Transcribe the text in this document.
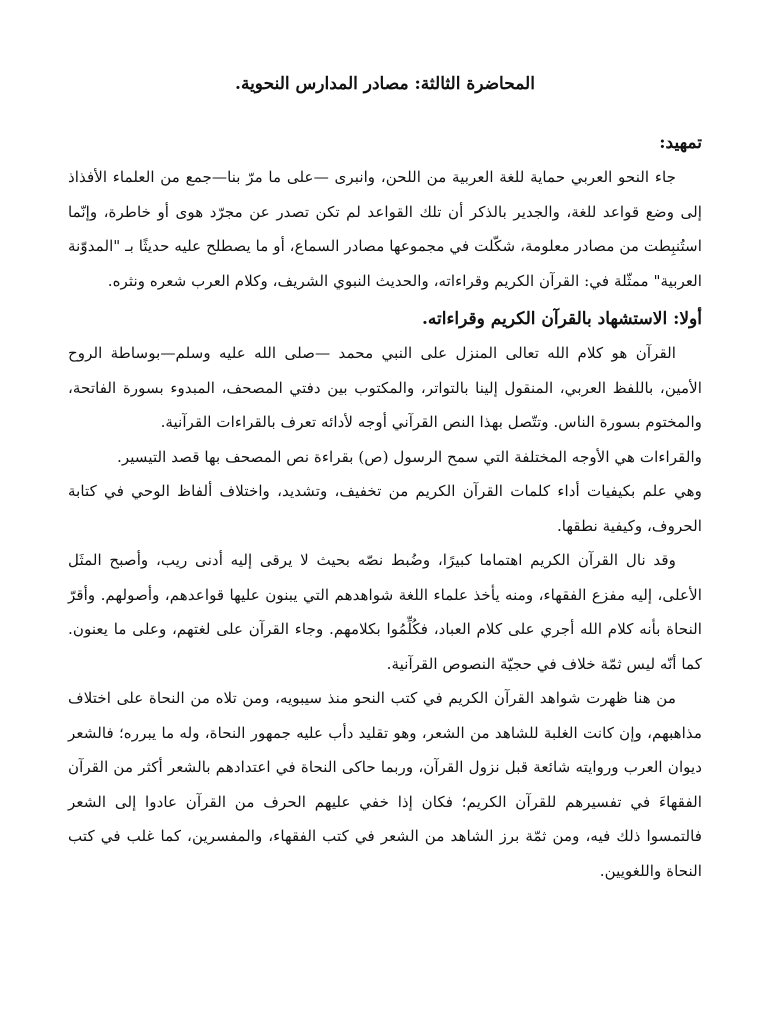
المحاضرة الثالثة: مصادر المدارس النحوية.
تمهيد:

جاء النحو العربي حماية للغة العربية من اللحن، وانبرى —على ما مرّ بنا—جمع من العلماء الأفذاذ إلى وضع قواعد للغة، والجدير بالذكر أن تلك القواعد لم تكن تصدر عن مجرّد هوى أو خاطرة، وإنّما استُنبِطت من مصادر معلومة، شكّلت في مجموعها مصادر السماع، أو ما يصطلح عليه حديثًا بـ "المدوّنة العربية" ممثّلة في: القرآن الكريم وقراءاته، والحديث النبوي الشريف، وكلام العرب شعره ونثره.

أولا: الاستشهاد بالقرآن الكريم وقراءاته.

القرآن هو كلام الله تعالى المنزل على النبي محمد —صلى الله عليه وسلم—بوساطة الروح الأمين، باللفظ العربي، المنقول إلينا بالتواتر، والمكتوب بين دفتي المصحف، المبدوء بسورة الفاتحة، والمختوم بسورة الناس. وتتّصل بهذا النص القرآني أوجه لأدائه تعرف بالقراءات القرآنية.

والقراءات هي الأوجه المختلفة التي سمح الرسول (ص) بقراءة نص المصحف بها قصد التيسير.

وهي علم بكيفيات أداء كلمات القرآن الكريم من تخفيف، وتشديد، واختلاف ألفاظ الوحي في كتابة الحروف، وكيفية نطقها.

وقد نال القرآن الكريم اهتماما كبيرًا، وضُبط نصّه بحيث لا يرقى إليه أدنى ريب، وأصبح المثَل الأعلى، إليه مفزع الفقهاء، ومنه يأخذ علماء اللغة شواهدهم التي يبنون عليها قواعدهم، وأصولهم. وأقرّ النحاة بأنه كلام الله أجري على كلام العباد، فكُلِّمُوا بكلامهم. وجاء القرآن على لغتهم، وعلى ما يعنون. كما أنّه ليس ثمّة خلاف في حجيّة النصوص القرآنية.

من هنا ظهرت شواهد القرآن الكريم في كتب النحو منذ سيبويه، ومن تلاه من النحاة على اختلاف مذاهبهم، وإن كانت الغلبة للشاهد من الشعر، وهو تقليد دأب عليه جمهور النحاة، وله ما يبرره؛ فالشعر ديوان العرب وروايته شائعة قبل نزول القرآن، وربما حاكى النحاة في اعتدادهم بالشعر أكثر من القرآن الفقهاءَ في تفسيرهم للقرآن الكريم؛ فكان إذا خفي عليهم الحرف من القرآن عادوا إلى الشعر فالتمسوا ذلك فيه، ومن ثمّة برز الشاهد من الشعر في كتب الفقهاء، والمفسرين، كما غلب في كتب النحاة واللغويين.
